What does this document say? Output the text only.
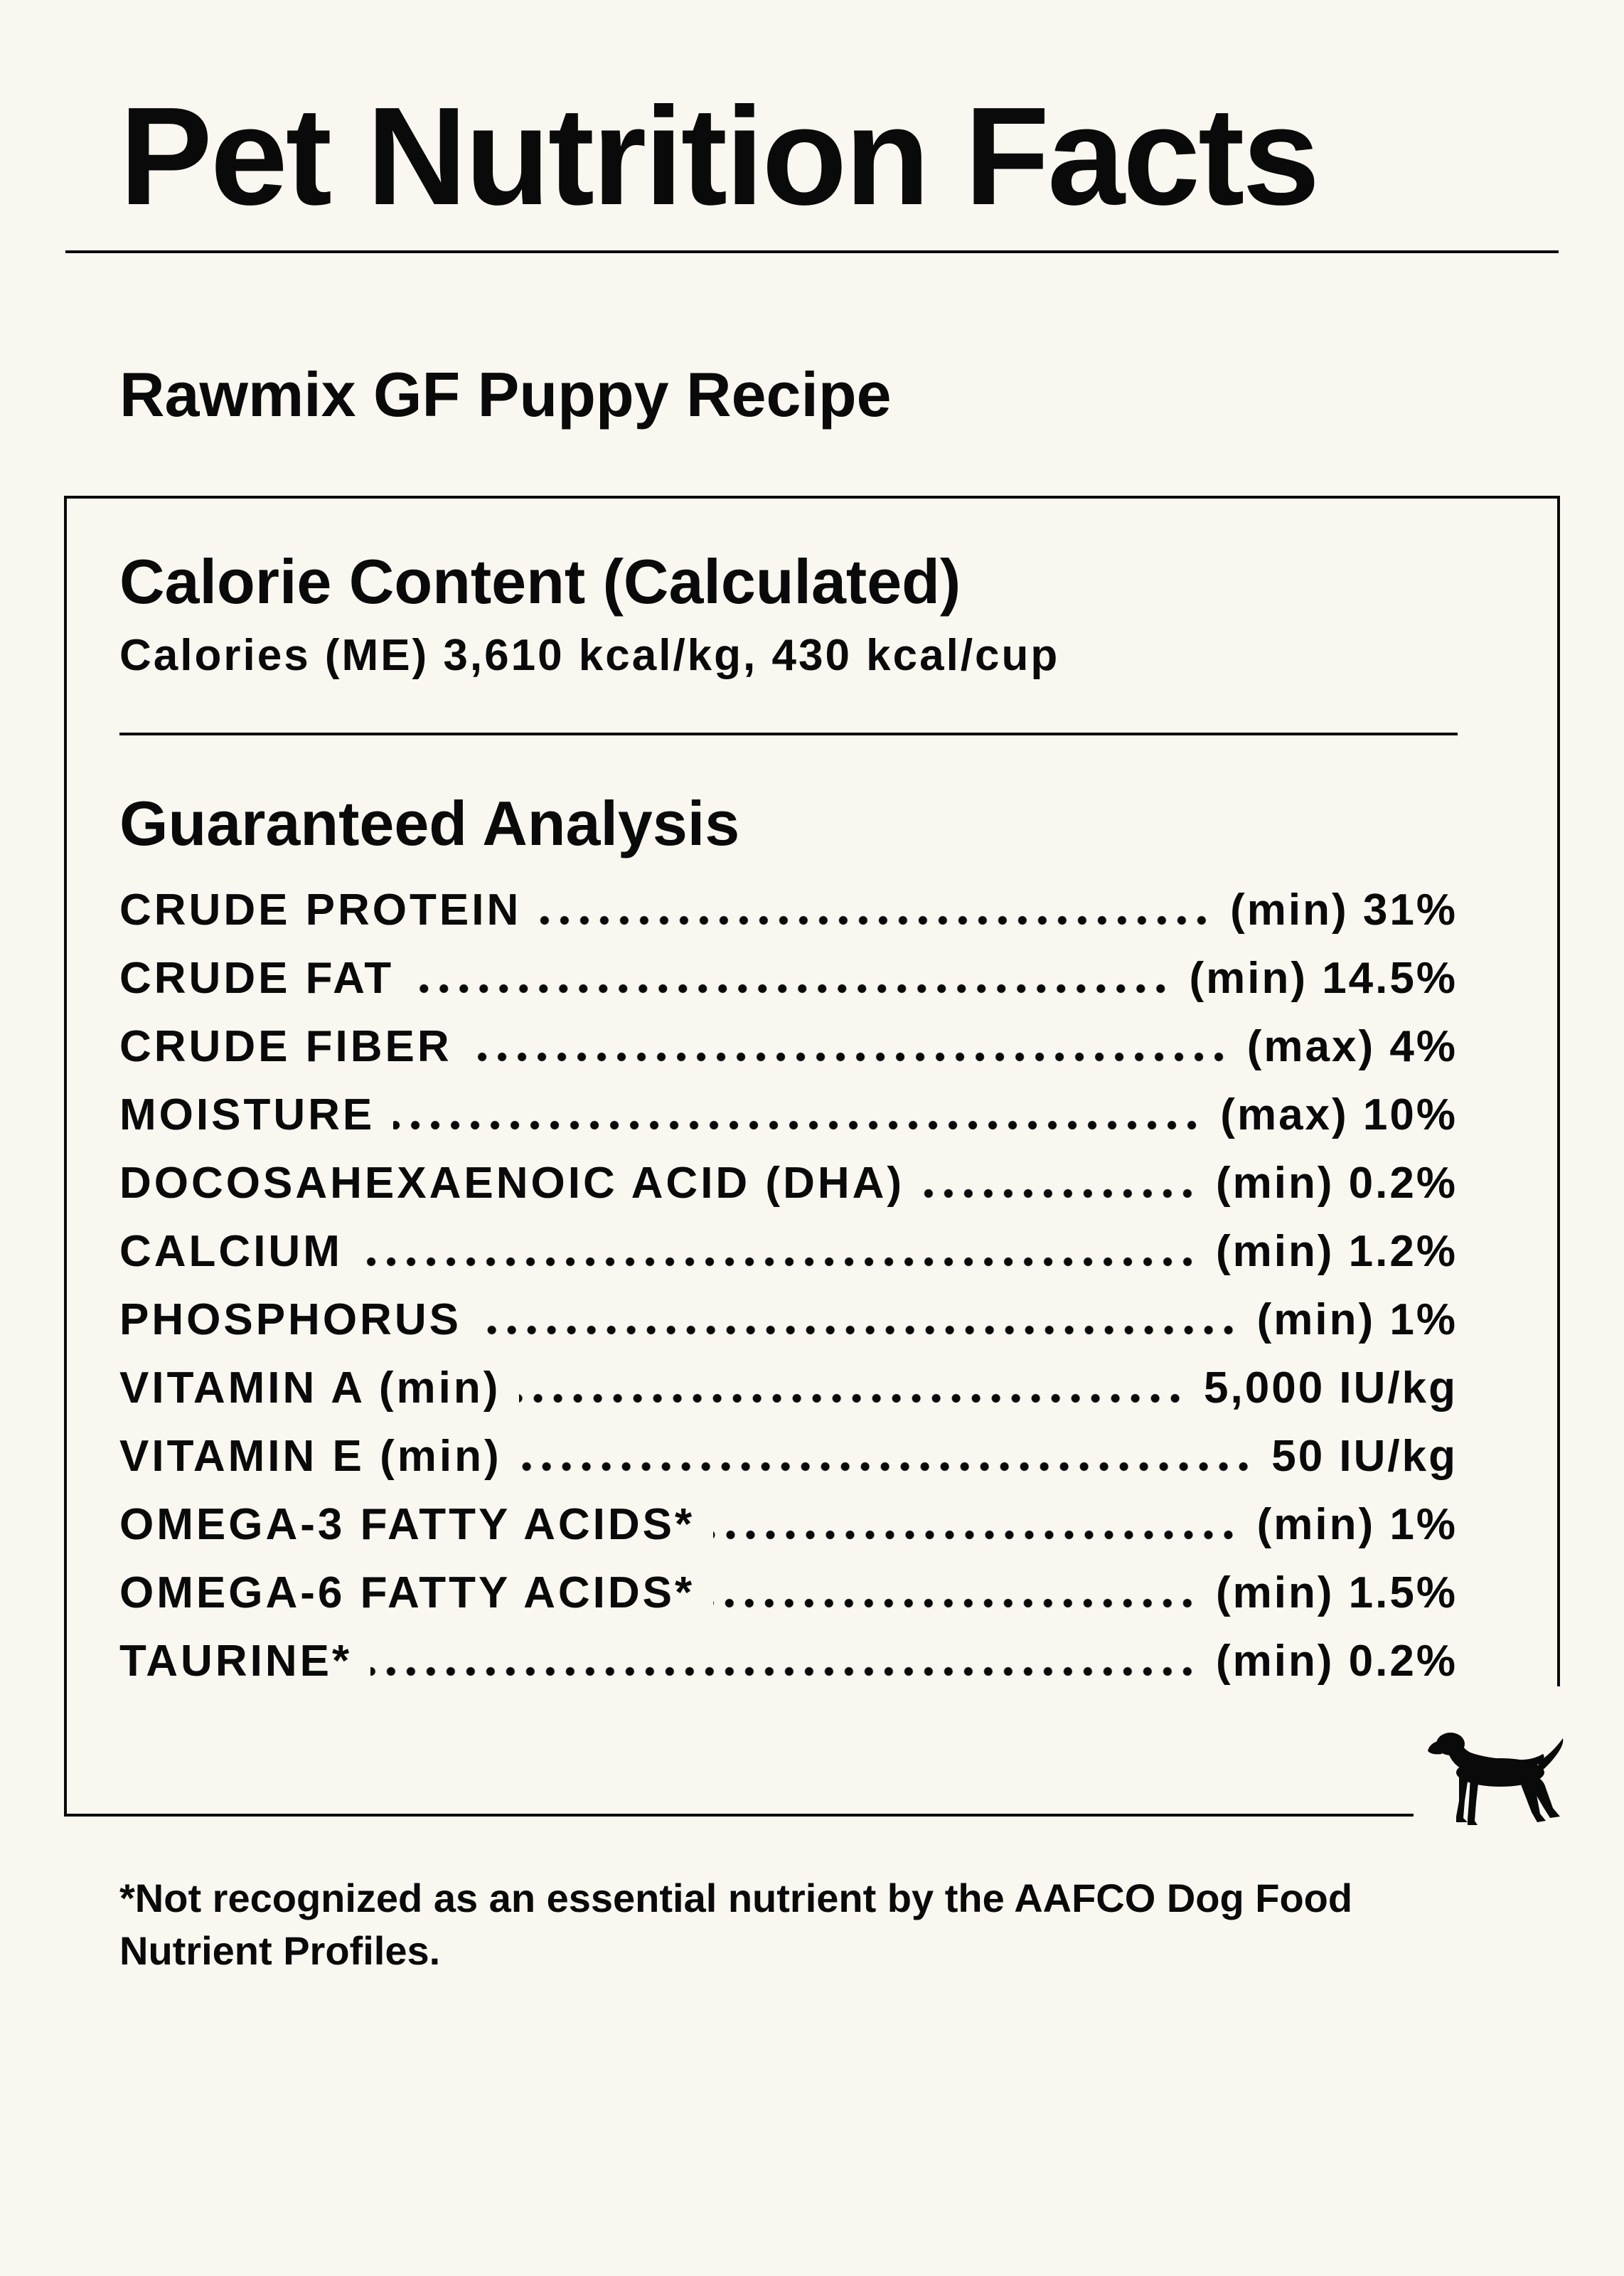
Pet Nutrition Facts
Rawmix GF Puppy Recipe
Calorie Content (Calculated)

Calories (ME) 3,610 kcal/kg, 430 kcal/cup

Guaranteed Analysis
CRUDE PROTEIN	(min) 31%
CRUDE FAT	(min) 14.5%
CRUDE FIBER	(max) 4%
MOISTURE	(max) 10%
DOCOSAHEXAENOIC ACID (DHA)	(min) 0.2%
CALCIUM	(min) 1.2%
PHOSPHORUS	(min) 1%
VITAMIN A (min)	5,000 IU/kg
VITAMIN E (min)	50 IU/kg
OMEGA-3 FATTY ACIDS*	(min) 1%
OMEGA-6 FATTY ACIDS*	(min) 1.5%
TAURINE*	(min) 0.2%

*Not recognized as an essential nutrient by the AAFCO Dog Food Nutrient Profiles.
